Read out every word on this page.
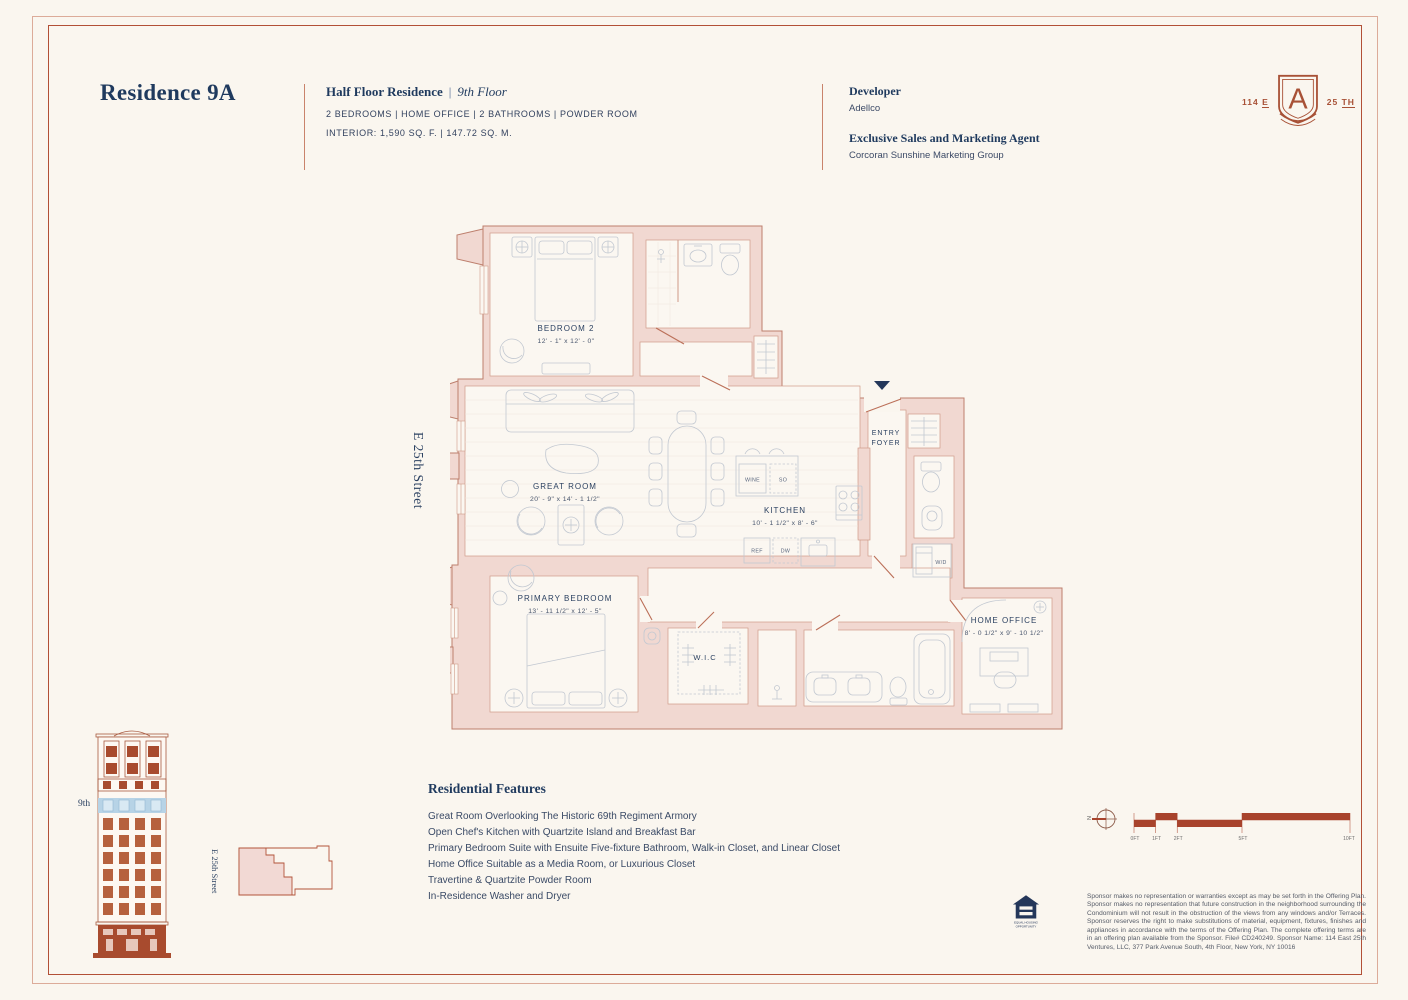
Residence 9A	Half Floor Residence | 9th Floor
2 BEDROOMS | HOME OFFICE | 2 BATHROOMS | POWDER ROOM
INTERIOR: 1,590 SQ. F. | 147.72 SQ. M.
Developer
Adellco
Exclusive Sales and Marketing Agent
Corcoran Sunshine Marketing Group
114 E A 25 TH
E 25th Street	WINE	SO
REF	DW
W/D
BEDROOM 2
12' - 1" x 12' - 0"
GREAT ROOM
20' - 9" x 14' - 1 1/2"
KITCHEN
10' - 1 1/2" x 8' - 6"
ENTRY
FOYER
PRIMARY BEDROOM
13' - 11 1/2" x 12' - 5"
W.I.C
HOME OFFICE
8' - 0 1/2" x 9' - 10 1/2"
Residential Features
Great Room Overlooking The Historic 69th Regiment Armory
Open Chef's Kitchen with Quartzite Island and Breakfast Bar
Primary Bedroom Suite with Ensuite Five-fixture Bathroom, Walk-in Closet, and Linear Closet
Home Office Suitable as a Media Room, or Luxurious Closet
Travertine & Quartzite Powder Room
In-Residence Washer and Dryer
9th
E 25th Street
N
0FT	1FT	2FT	5FT	10FT
EQUAL HOUSING
OPPORTUNITY
Sponsor makes no representation or warranties except as may be set forth in the Offering Plan. Sponsor makes no representation that future construction in the neighborhood surrounding the Condominium will not result in the obstruction of the views from any windows and/or Terraces. Sponsor reserves the right to make substitutions of material, equipment, fixtures, finishes and appliances in accordance with the terms of the Offering Plan. The complete offering terms are in an offering plan available from the Sponsor. File# CD240249. Sponsor Name: 114 East 25th Ventures, LLC, 377 Park Avenue South, 4th Floor, New York, NY 10016
